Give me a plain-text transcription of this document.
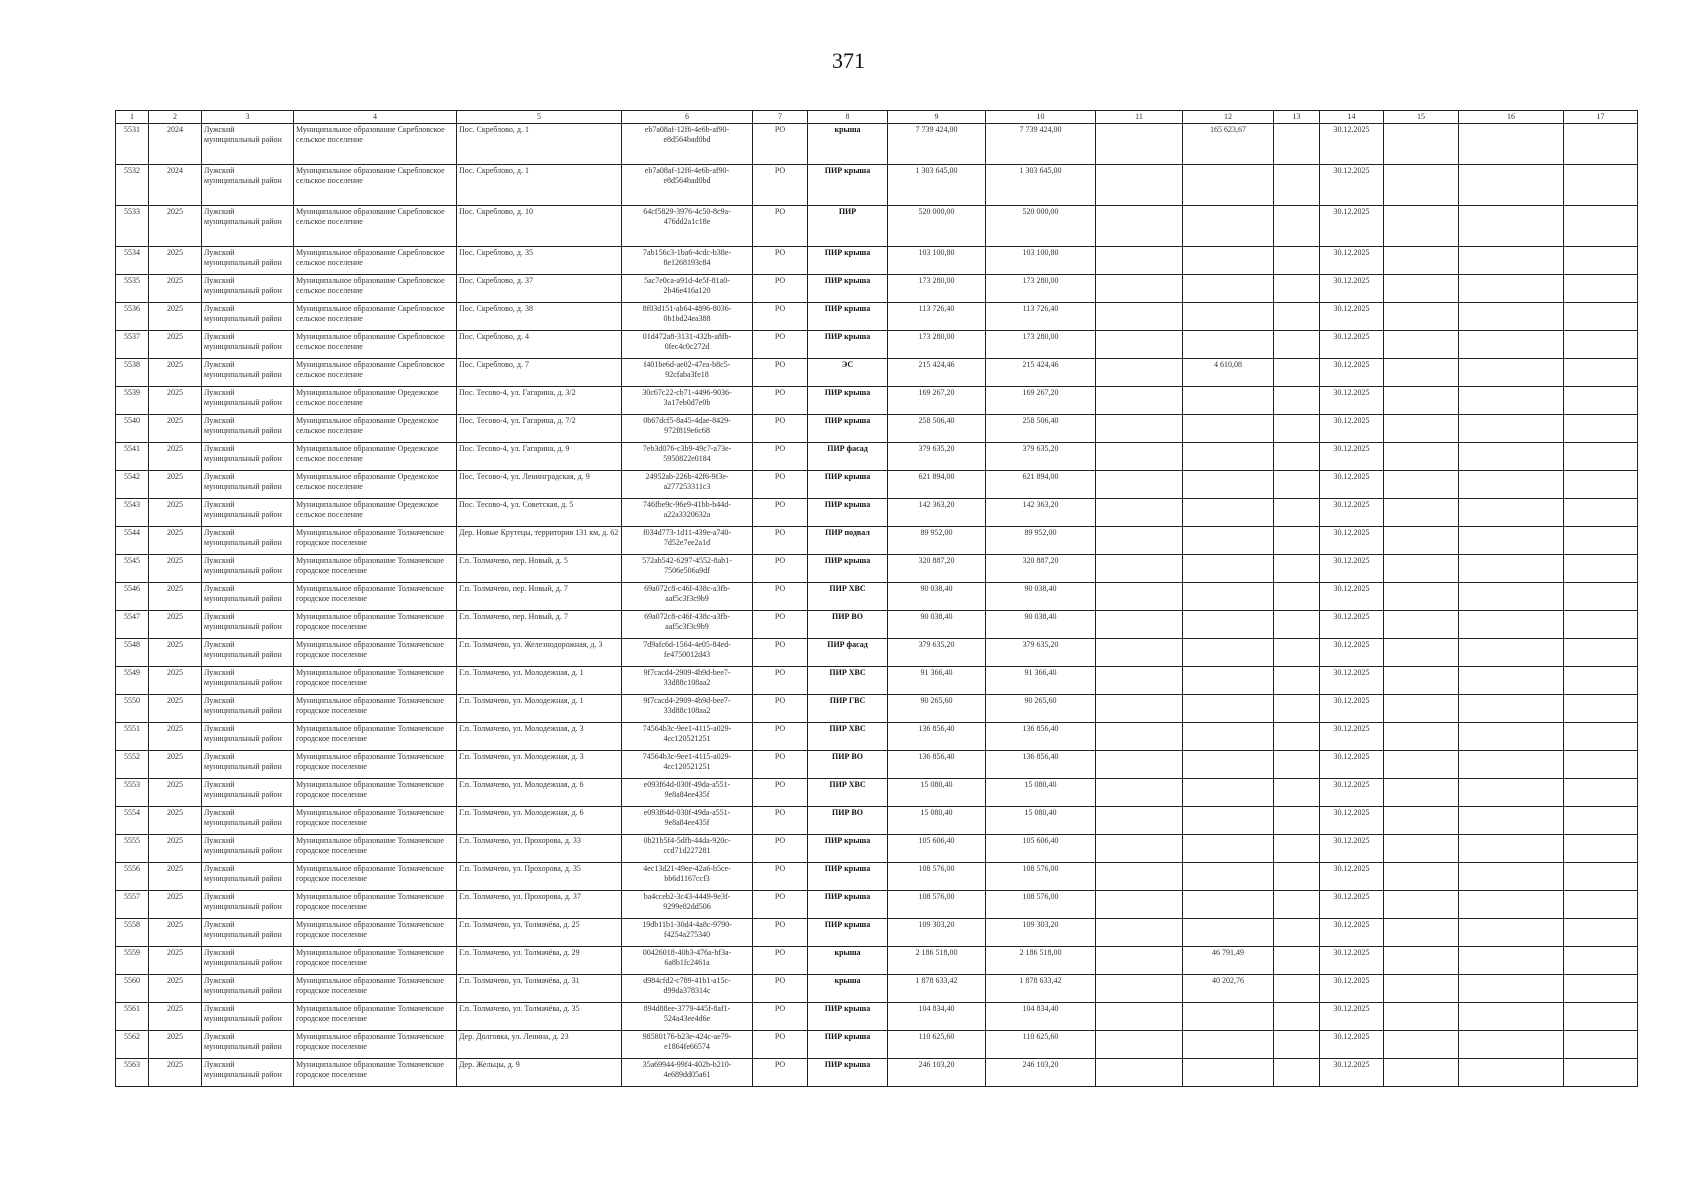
371
1	2	3	4	5	6	7	8	9	10	11	12	13	14	15	16	17
5531	2024	Лужский муниципальный район	Муниципальное образование Скребловское сельское поселение	Пос. Скреблово, д. 1	eb7a08af-12f6-4e6b-af90-e8d564bad0bd	РО	крыша	7 739 424,00	7 739 424,00		165 623,67		30.12.2025			
5532	2024	Лужский муниципальный район	Муниципальное образование Скребловское сельское поселение	Пос. Скреблово, д. 1	eb7a08af-12f6-4e6b-af90-e8d564bad0bd	РО	ПИР крыша	1 303 645,00	1 303 645,00				30.12.2025			
5533	2025	Лужский муниципальный район	Муниципальное образование Скребловское сельское поселение	Пос. Скреблово, д. 10	64cf5829-3976-4c50-8c9a-476dd2a1c18e	РО	ПИР	520 000,00	520 000,00				30.12.2025			
5534	2025	Лужский муниципальный район	Муниципальное образование Скребловское сельское поселение	Пос. Скреблово, д. 35	7ab156c3-1ba6-4cdc-b38e-8e1268193c84	РО	ПИР крыша	103 100,80	103 100,80				30.12.2025			
5535	2025	Лужский муниципальный район	Муниципальное образование Скребловское сельское поселение	Пос. Скреблово, д. 37	5ac7e0ca-a91d-4e5f-81a0-2b46e416a120	РО	ПИР крыша	173 280,00	173 280,00				30.12.2025			
5536	2025	Лужский муниципальный район	Муниципальное образование Скребловское сельское поселение	Пос. Скреблово, д. 38	8f03d151-ab64-4896-8036-0b1bd24ea388	РО	ПИР крыша	113 726,40	113 726,40				30.12.2025			
5537	2025	Лужский муниципальный район	Муниципальное образование Скребловское сельское поселение	Пос. Скреблово, д. 4	01d472a8-3131-432b-a8fb-0fec4c0c272d	РО	ПИР крыша	173 280,00	173 280,00				30.12.2025			
5538	2025	Лужский муниципальный район	Муниципальное образование Скребловское сельское поселение	Пос. Скреблово, д. 7	f401be6d-ae02-47ea-b8c5-92cfaba3fe18	РО	ЭС	215 424,46	215 424,46		4 610,08		30.12.2025			
5539	2025	Лужский муниципальный район	Муниципальное образование Оредежское сельское поселение	Пос. Тесово-4, ул. Гагарина, д. 3/2	30c67c22-cb71-4496-9036-3a17eb0d7e0b	РО	ПИР крыша	169 267,20	169 267,20				30.12.2025			
5540	2025	Лужский муниципальный район	Муниципальное образование Оредежское сельское поселение	Пос. Тесово-4, ул. Гагарина, д. 7/2	0b67dcf5-8a45-4dae-8429-972f819e6c68	РО	ПИР крыша	258 506,40	258 506,40				30.12.2025			
5541	2025	Лужский муниципальный район	Муниципальное образование Оредежское сельское поселение	Пос. Тесово-4, ул. Гагарина, д. 9	7eb3d076-c3b9-49c7-a73e-5950822e0184	РО	ПИР фасад	379 635,20	379 635,20				30.12.2025			
5542	2025	Лужский муниципальный район	Муниципальное образование Оредежское сельское поселение	Пос. Тесово-4, ул. Ленинградская, д. 9	24952ab-226b-42f6-9f3e-a277253311c3	РО	ПИР крыша	621 894,00	621 894,00				30.12.2025			
5543	2025	Лужский муниципальный район	Муниципальное образование Оредежское сельское поселение	Пос. Тесово-4, ул. Советская, д. 5	746fbe9c-96e9-41bb-b44d-a22a3320632a	РО	ПИР крыша	142 363,20	142 363,20				30.12.2025			
5544	2025	Лужский муниципальный район	Муниципальное образование Толмачевское городское поселение	Дер. Новые Крутецы, территория 131 км, д. 62	f034d773-1d11-439e-a740-7d52e7ee2a1d	РО	ПИР подвал	89 952,00	89 952,00				30.12.2025			
5545	2025	Лужский муниципальный район	Муниципальное образование Толмачевское городское поселение	Г.п. Толмачево, пер. Новый, д. 5	572ab542-6297-4552-8ab1-7506e506a9df	РО	ПИР крыша	320 887,20	320 887,20				30.12.2025			
5546	2025	Лужский муниципальный район	Муниципальное образование Толмачевское городское поселение	Г.п. Толмачево, пер. Новый, д. 7	69a072c8-c46f-438c-a3fb-aaf5c3f3c9b9	РО	ПИР ХВС	90 038,40	90 038,40				30.12.2025			
5547	2025	Лужский муниципальный район	Муниципальное образование Толмачевское городское поселение	Г.п. Толмачево, пер. Новый, д. 7	69a072c8-c46f-438c-a3fb-aaf5c3f3c9b9	РО	ПИР ВО	90 038,40	90 038,40				30.12.2025			
5548	2025	Лужский муниципальный район	Муниципальное образование Толмачевское городское поселение	Г.п. Толмачево, ул. Железнодорожная, д. 3	7d9afc6d-1564-4e05-84ed-fe4750012d43	РО	ПИР фасад	379 635,20	379 635,20				30.12.2025			
5549	2025	Лужский муниципальный район	Муниципальное образование Толмачевское городское поселение	Г.п. Толмачево, ул. Молодежная, д. 1	9f7cacd4-2909-4b9d-bee7-33d88c108aa2	РО	ПИР ХВС	91 366,40	91 366,40				30.12.2025			
5550	2025	Лужский муниципальный район	Муниципальное образование Толмачевское городское поселение	Г.п. Толмачево, ул. Молодежная, д. 1	9f7cacd4-2909-4b9d-bee7-33d88c108aa2	РО	ПИР ГВС	90 265,60	90 265,60				30.12.2025			
5551	2025	Лужский муниципальный район	Муниципальное образование Толмачевское городское поселение	Г.п. Толмачево, ул. Молодежная, д. 3	74564b3c-9ee1-4115-a029-4cc120521251	РО	ПИР ХВС	136 856,40	136 856,40				30.12.2025			
5552	2025	Лужский муниципальный район	Муниципальное образование Толмачевское городское поселение	Г.п. Толмачево, ул. Молодежная, д. 3	74564b3c-9ee1-4115-a029-4cc120521251	РО	ПИР ВО	136 856,40	136 856,40				30.12.2025			
5553	2025	Лужский муниципальный район	Муниципальное образование Толмачевское городское поселение	Г.п. Толмачево, ул. Молодежная, д. 6	e093f64d-030f-49da-a551-9e8a84ee435f	РО	ПИР ХВС	15 080,40	15 080,40				30.12.2025			
5554	2025	Лужский муниципальный район	Муниципальное образование Толмачевское городское поселение	Г.п. Толмачево, ул. Молодежная, д. 6	e093f64d-030f-49da-a551-9e8a84ee435f	РО	ПИР ВО	15 080,40	15 080,40				30.12.2025			
5555	2025	Лужский муниципальный район	Муниципальное образование Толмачевское городское поселение	Г.п. Толмачево, ул. Прохорова, д. 33	0b21b5f4-5dfb-44da-920c-ccd71d227281	РО	ПИР крыша	105 606,40	105 606,40				30.12.2025			
5556	2025	Лужский муниципальный район	Муниципальное образование Толмачевское городское поселение	Г.п. Толмачево, ул. Прохорова, д. 35	4ec13d21-49ee-42a6-b5ce-bb6d1167ccf3	РО	ПИР крыша	108 576,00	108 576,00				30.12.2025			
5557	2025	Лужский муниципальный район	Муниципальное образование Толмачевское городское поселение	Г.п. Толмачево, ул. Прохорова, д. 37	ba4cceb2-3c43-4449-9e3f-9299e82dd506	РО	ПИР крыша	108 576,00	108 576,00				30.12.2025			
5558	2025	Лужский муниципальный район	Муниципальное образование Толмачевское городское поселение	Г.п. Толмачево, ул. Толмачёва, д. 25	19db11b1-30d4-4a8c-9790-f4254a275340	РО	ПИР крыша	109 303,20	109 303,20				30.12.2025			
5559	2025	Лужский муниципальный район	Муниципальное образование Толмачевское городское поселение	Г.п. Толмачево, ул. Толмачёва, д. 29	00426018-40b3-476a-bf3a-6a8b1fc2461a	РО	крыша	2 186 518,00	2 186 518,00		46 791,49		30.12.2025			
5560	2025	Лужский муниципальный район	Муниципальное образование Толмачевское городское поселение	Г.п. Толмачево, ул. Толмачёва, д. 31	d984cfd2-c789-41b1-a15c-d99da378314c	РО	крыша	1 878 633,42	1 878 633,42		40 202,76		30.12.2025			
5561	2025	Лужский муниципальный район	Муниципальное образование Толмачевское городское поселение	Г.п. Толмачево, ул. Толмачёва, д. 35	894d88ee-3779-445f-8af1-524a43ee4d6e	РО	ПИР крыша	104 834,40	104 834,40				30.12.2025			
5562	2025	Лужский муниципальный район	Муниципальное образование Толмачевское городское поселение	Дер. Долговка, ул. Ленина, д. 23	98580176-b23e-424c-ae79-e1864fe66574	РО	ПИР крыша	110 625,60	110 625,60				30.12.2025			
5563	2025	Лужский муниципальный район	Муниципальное образование Толмачевское городское поселение	Дер. Жельцы, д. 9	35a69944-99f4-402b-b210-4e689dd05a61	РО	ПИР крыша	246 103,20	246 103,20				30.12.2025			
